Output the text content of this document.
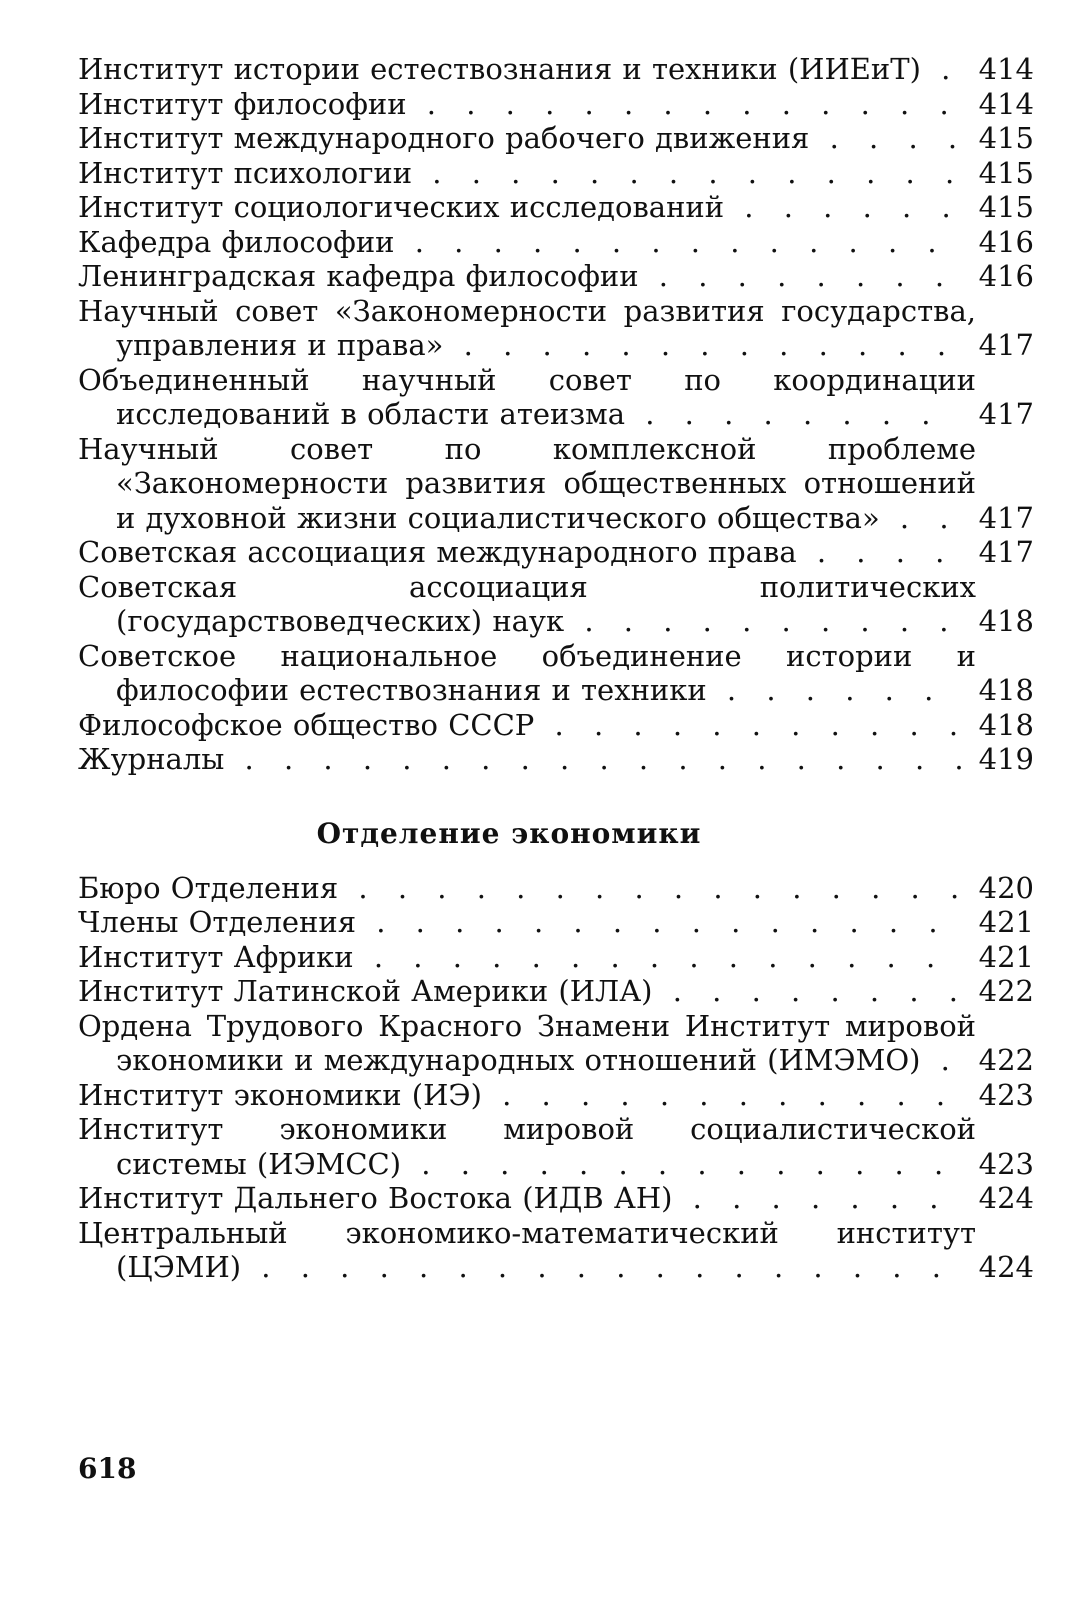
Институт истории естествознания и техники (ИИЕиТ) . 414
Институт философии . . . . . . . . . . . . . . 414
Институт международного рабочего движения . . . . 415
Институт психологии . . . . . . . . . . . . . . 415
Институт социологических исследований . . . . . . 415
Кафедра философии . . . . . . . . . . . . . .	416
Ленинградская кафедра философии . . . . . . . . 416
Научный совет «Закономерности развития государства, управления и права» . . . . . . . . . . . . . 417
Объединенный научный совет по координации исследований в области атеизма . . . . . . . .	417
Научный совет по комплексной проблеме «Закономерности развития общественных отношений и духовной жизни социалистического общества» . . 417
Советская ассоциация международного права . . . . 417
Советская ассоциация политических (государствоведческих) наук . . . . . . . . . . 418
Советское национальное объединение истории и философии естествознания и техники . . . . . .	418
Философское общество СССР . . . . . . . . . . . 418
Журналы . . . . . . . . . . . . . . . . . . . 419
Отделение экономики
Бюро Отделения . . . . . . . . . . . . . . . . 420
Члены Отделения . . . . . . . . . . . . . . .	421
Институт Африки . . . . . . . . . . . . . . .	421
Институт Латинской Америки (ИЛА) . . . . . . . . 422
Ордена Трудового Красного Знамени Институт мировой экономики и международных отношений (ИМЭМО) . 422
Институт экономики (ИЭ) . . . . . . . . . . . . 423
Институт экономики мировой социалистической системы (ИЭМСС) . . . . . . . . . . . . . . 423
Институт Дальнего Востока (ИДВ АН) . . . . . . .	424
Центральный экономико-математический институт (ЦЭМИ) . . . . . . . . . . . . . . . . . . 424
618
